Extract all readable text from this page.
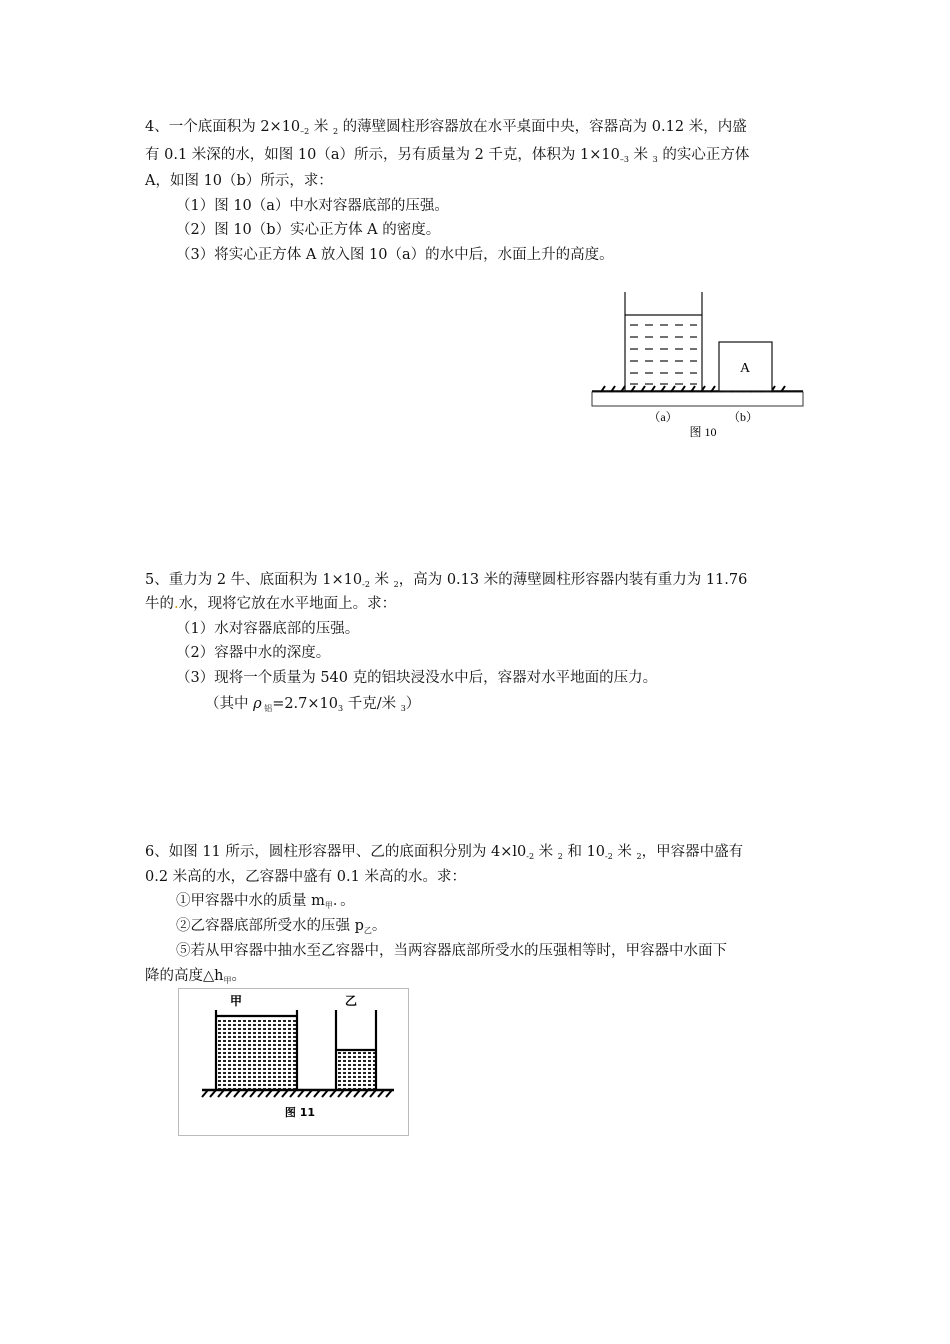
4、一个底面积为 $2\times 10_{-2}$ 米 $_2$ 的薄壁圆柱形容器放在水平桌面中央，容器高为 0.12 米，内盛
有 0.1 米深的水，如图 10（a）所示，另有质量为 2 千克，体积为 $1\times 10_{-3}$ 米 $_3$ 的实心正方体
A，如图 10（b）所示，求：
（1）图 10（a）中水对容器底部的压强。
（2）图 10（b）实心正方体 A 的密度。
（3）将实心正方体 A 放入图 10（a）的水中后，水面上升的高度。
A
（a）	（b）
图 10
5、重力为 2 牛、底面积为 $1\times 10_{-2}$ 米 $_2$，高为 0.13 米的薄壁圆柱形容器内装有重力为 11.76
牛的.水，现将它放在水平地面上。求：
（1）水对容器底部的压强。
（2）容器中水的深度。
（3）现将一个质量为 540 克的铝块浸没水中后，容器对水平地面的压力。
（其中 ρ $_铝=2.7\times 10_3$ 千克/米 $_3$）
6、如图 11 所示，圆柱形容器甲、乙的底面积分别为 $4\times l0_{-2}$ 米 $_2$ 和 $10_{-2}$ 米 $_2$，甲容器中盛有
0.2 米高的水，乙容器中盛有 0.1 米高的水。求：
①甲容器中水的质量 $m_甲$．。
②乙容器底部所受水的压强 $p_乙$。
⑤若从甲容器中抽水至乙容器中，当两容器底部所受水的压强相等时，甲容器中水面下
降的高度$\triangle h_甲$。
甲	乙
图 11
